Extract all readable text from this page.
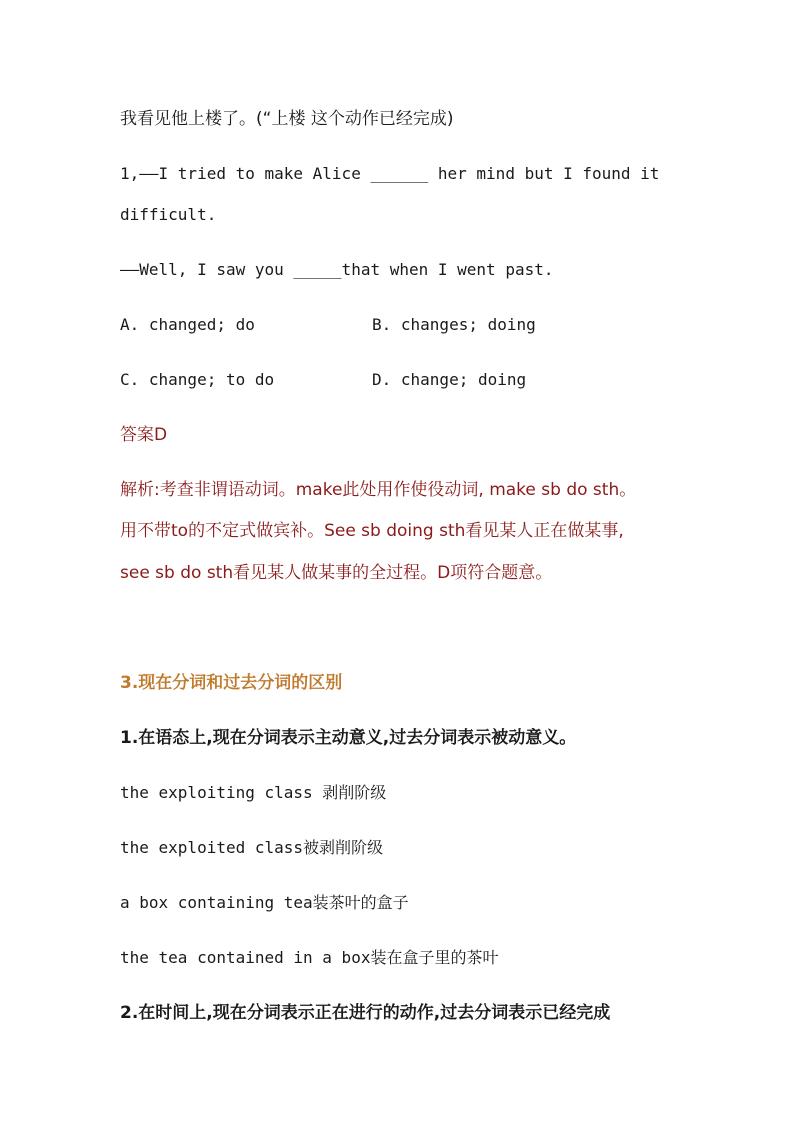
我看见他上楼了。(“上楼 这个动作已经完成)
1,——I tried to make Alice ______ her mind but I found it
difficult.
——Well, I saw you _____that when I went past.
A. changed; do	B. changes; doing
C. change; to do	D. change; doing
答案D
解析:考查非谓语动词。make此处用作使役动词, make sb do sth。
用不带to的不定式做宾补。See sb doing sth看见某人正在做某事,
see sb do sth看见某人做某事的全过程。D项符合题意。
3.现在分词和过去分词的区别
1.在语态上,现在分词表示主动意义,过去分词表示被动意义。
the exploiting class 剥削阶级
the exploited class被剥削阶级
a box containing tea装茶叶的盒子
the tea contained in a box装在盒子里的茶叶
2.在时间上,现在分词表示正在进行的动作,过去分词表示已经完成
